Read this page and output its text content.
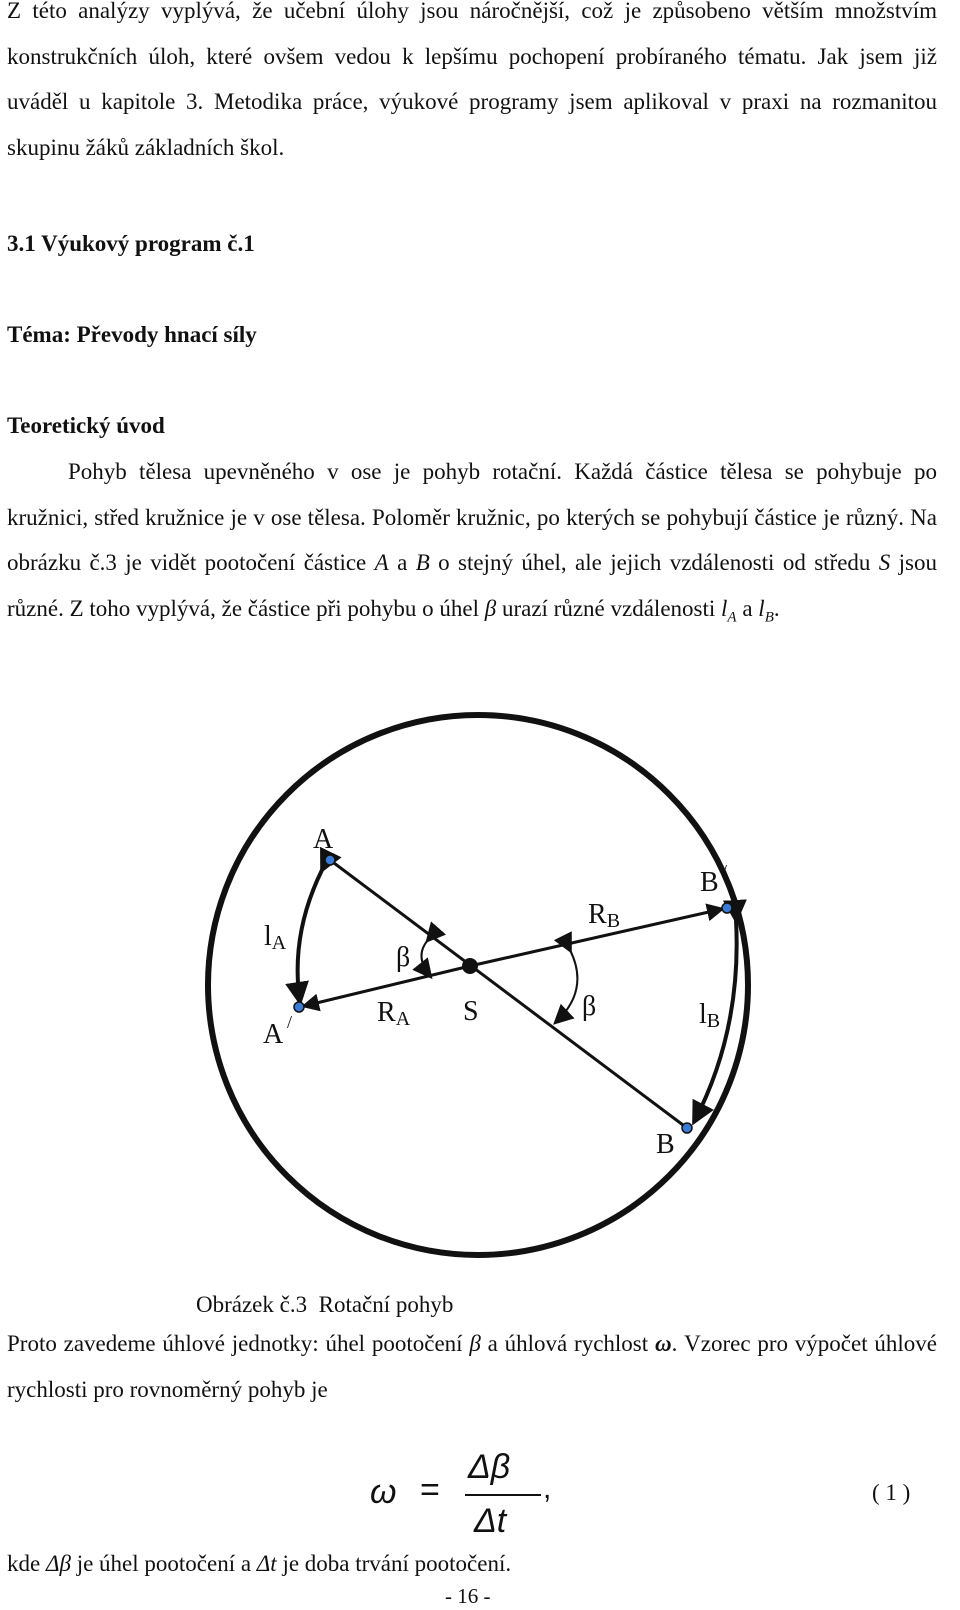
Z této analýzy vyplývá, že učební úlohy jsou náročnější, což je způsobeno větším množstvím konstrukčních úloh, které ovšem vedou k lepšímu pochopení probíraného tématu. Jak jsem již uváděl u kapitole 3. Metodika práce, výukové programy jsem aplikoval v praxi na rozmanitou skupinu žáků základních škol.

3.1 Výukový program č.1
Téma: Převody hnací síly
Teoretický úvod

Pohyb tělesa upevněného v ose je pohyb rotační. Každá částice tělesa se pohybuje po kružnici, střed kružnice je v ose tělesa. Poloměr kružnic, po kterých se pohybují částice je různý. Na obrázku č.3 je vidět pootočení částice A a B o stejný úhel, ale jejich vzdálenosti od středu S jsou různé. Z toho vyplývá, že částice při pohybu o úhel β urazí různé vzdálenosti $l_A$ a $l_B$.

A
A /
B /
B
S
RB
RA
lA
lB
β
β
Obrázek č.3  Rotační pohyb

Proto zavedeme úhlové jednotky: úhel pootočení β a úhlová rychlost ω. Vzorec pro výpočet úhlové rychlosti pro rovnoměrný pohyb je

ω =
Δβ
Δt
,	( 1 )
kde Δβ je úhel pootočení a Δt je doba trvání pootočení.
- 16 -
